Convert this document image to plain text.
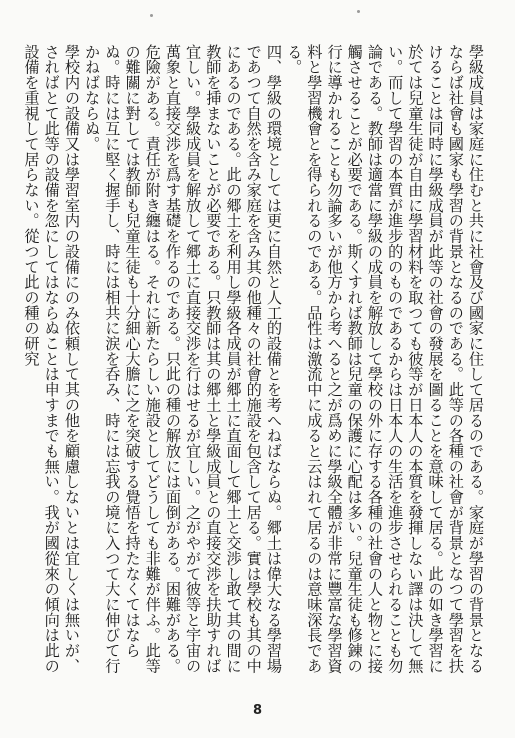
學級成員は家庭に住むと共に社會及び國家に住して居るのである。家庭が學習の背景となるならば社會も國家も學習の背景となるのである。此等の各種の社會が背景となつて學習を扶けることは同時に學級成員が此等の社會の發展を圖ることを意味して居る。此の如き學習に於ては兒童生徒が自由に學習材料を取つても彼等が日本人の本質を發揮しない譯は決して無い。而して學習の本質が進步的のものであるからは日本人の生活を進步させられることも勿論である。教師は適當に學級の成員を解放して學校の外に存する各種の社會の人と物とに接觸させることが必要である。斯くすれば教師は兒童の保護に心配は多い。兒童生徒も修錬の行に導かれることも勿論多いが他方から考へると之が爲めに學級全體が非常に豐富な學習資料と學習機會とを得られるのである。品性は激流中に成ると云はれて居るのは意味深長である。

四、學級の環境としては更に自然と人工的設備とを考へねばならぬ。郷土は偉大なる學習場であつて自然を含み家庭を含み其の他種々の社會的施設を包含して居る。實は學校も其の中にあるのである。此の郷土を利用し學級各成員が郷土に直面して郷土と交渉し敢て其の間に教師を挿まないことが必要である。只教師は其の郷土と學級成員との直接交渉を扶助すれば宜しい。學級成員を解放して郷土に直接交渉を行はせるが宜しい。之がやがて彼等と宇宙の萬象と直接交渉を爲す基礎を作るのである。只此の種の解放には面倒がある。困難がある。危險がある。責任が附き纏はる。それに新たらしい施設としてどうしても非難が伴ふ。此等の難關に對しては教師も兒童生徒も十分細心大膽に之を突破する覺悟を持たなくてはならぬ。時には互に堅く握手し、時には相共に涙を呑み、時には忘我の境に入つて大に伸びて行かねばならぬ。

學校内の設備又は學習室内の設備にのみ依頼して其の他を顧慮しないとは宜しくは無いが、さればとて此等の設備を忽にしてはならぬことは申すまでも無い。我が國從來の傾向は此の設備を重視して居らない。從つて此の種の研究

8
